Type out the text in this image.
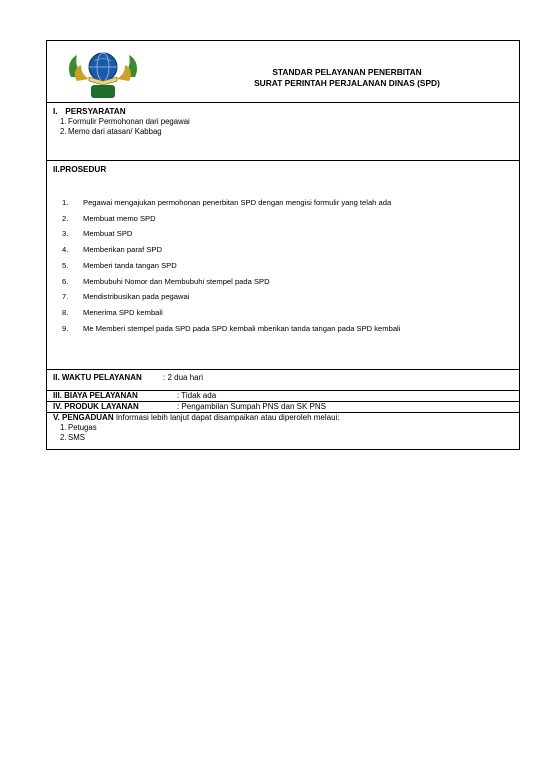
STANDAR PELAYANAN PENERBITAN
SURAT PERINTAH PERJALANAN DINAS (SPD)
I. PERSYARATAN
1. Formulir Permohonan dari pegawai
2. Memo dari atasan/ Kabbag
II.PROSEDUR
1. Pegawai mengajukan permohonan penerbitan SPD dengan mengisi formulir yang telah ada
2. Membuat memo SPD
3. Membuat SPD
4. Memberikan paraf SPD
5. Memberi tanda tangan SPD
6. Membubuhi Nomor dan Membubuhi stempel pada SPD
7. Mendistribusikan pada pegawai
8. Menerima SPD kembali
9. Me Memberi stempel pada SPD pada SPD kembali mberikan tanda tangan pada SPD kembali
II. WAKTU PELAYANAN	: 2 dua hari
III. BIAYA PELAYANAN	: Tidak ada
IV. PRODUK LAYANAN	: Pengambilan Sumpah PNS dan SK PNS
V. PENGADUAN Informasi lebih lanjut dapat disampaikan atau diperoleh melaui:
1. Petugas
2. SMS
